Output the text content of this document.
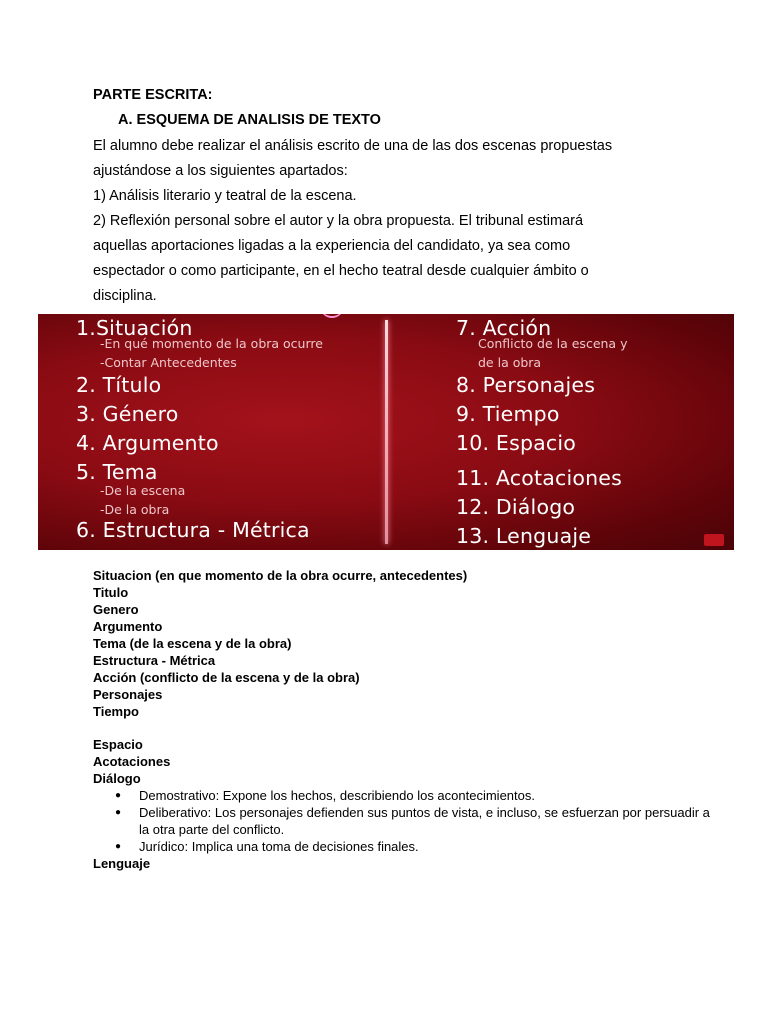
PARTE ESCRITA:
A. ESQUEMA DE ANALISIS DE TEXTO
El alumno debe realizar el análisis escrito de una de las dos escenas propuestas
ajustándose a los siguientes apartados:
1) Análisis literario y teatral de la escena.
2) Reflexión personal sobre el autor y la obra propuesta. El tribunal estimará
aquellas aportaciones ligadas a la experiencia del candidato, ya sea como
espectador o como participante, en el hecho teatral desde cualquier ámbito o
disciplina.
1.Situación
-En qué momento de la obra ocurre
-Contar Antecedentes
2. Título
3. Género
4. Argumento
5. Tema
-De la escena
-De la obra
6. Estructura - Métrica
7. Acción
Conflicto de la escena y
de la obra
8. Personajes
9. Tiempo
10. Espacio
11. Acotaciones
12. Diálogo
13. Lenguaje
Situacion (en que momento de la obra ocurre, antecedentes)
Titulo
Genero
Argumento
Tema (de la escena y de la obra)
Estructura - Métrica
Acción (conflicto de la escena y de la obra)
Personajes
Tiempo
Espacio
Acotaciones
Diálogo
● Demostrativo: Expone los hechos, describiendo los acontecimientos.
● Deliberativo: Los personajes defienden sus puntos de vista, e incluso, se esfuerzan por persuadir a la otra parte del conflicto.
● Jurídico: Implica una toma de decisiones finales.
Lenguaje
